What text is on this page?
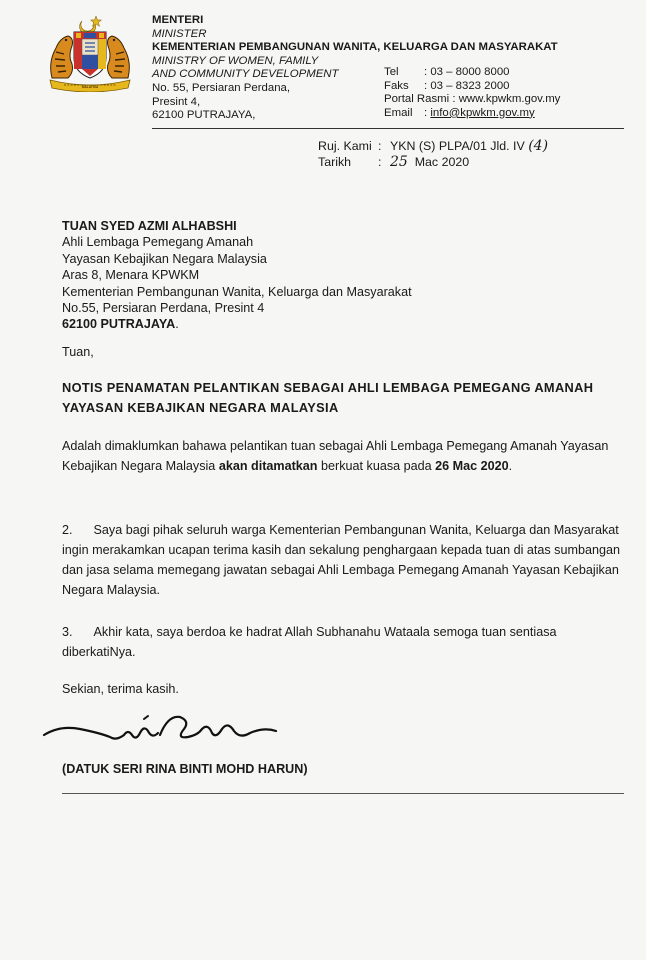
MALAYSIA
MENTERI
MINISTER
KEMENTERIAN PEMBANGUNAN WANITA, KELUARGA DAN MASYARAKAT
MINISTRY OF WOMEN, FAMILY
AND COMMUNITY DEVELOPMENT
No. 55, Persiaran Perdana,
Presint 4,
62100 PUTRAJAYA,
Tel : 03 – 8000 8000
Faks : 03 – 8323 2000
Portal Rasmi : www.kpwkm.gov.my
Email : info@kpwkm.gov.my
Ruj. Kami : YKN (S) PLPA/01 Jld. IV (4)
Tarikh : 25 Mac 2020
TUAN SYED AZMI ALHABSHI
Ahli Lembaga Pemegang Amanah
Yayasan Kebajikan Negara Malaysia
Aras 8, Menara KPWKM
Kementerian Pembangunan Wanita, Keluarga dan Masyarakat
No.55, Persiaran Perdana, Presint 4
62100 PUTRAJAYA.
Tuan,
NOTIS PENAMATAN PELANTIKAN SEBAGAI AHLI LEMBAGA PEMEGANG AMANAH YAYASAN KEBAJIKAN NEGARA MALAYSIA
Adalah dimaklumkan bahawa pelantikan tuan sebagai Ahli Lembaga Pemegang Amanah Yayasan Kebajikan Negara Malaysia akan ditamatkan berkuat kuasa pada 26 Mac 2020.
2. Saya bagi pihak seluruh warga Kementerian Pembangunan Wanita, Keluarga dan Masyarakat ingin merakamkan ucapan terima kasih dan sekalung penghargaan kepada tuan di atas sumbangan dan jasa selama memegang jawatan sebagai Ahli Lembaga Pemegang Amanah Yayasan Kebajikan Negara Malaysia.
3. Akhir kata, saya berdoa ke hadrat Allah Subhanahu Wataala semoga tuan sentiasa diberkatiNya.
Sekian, terima kasih.
(DATUK SERI RINA BINTI MOHD HARUN)
